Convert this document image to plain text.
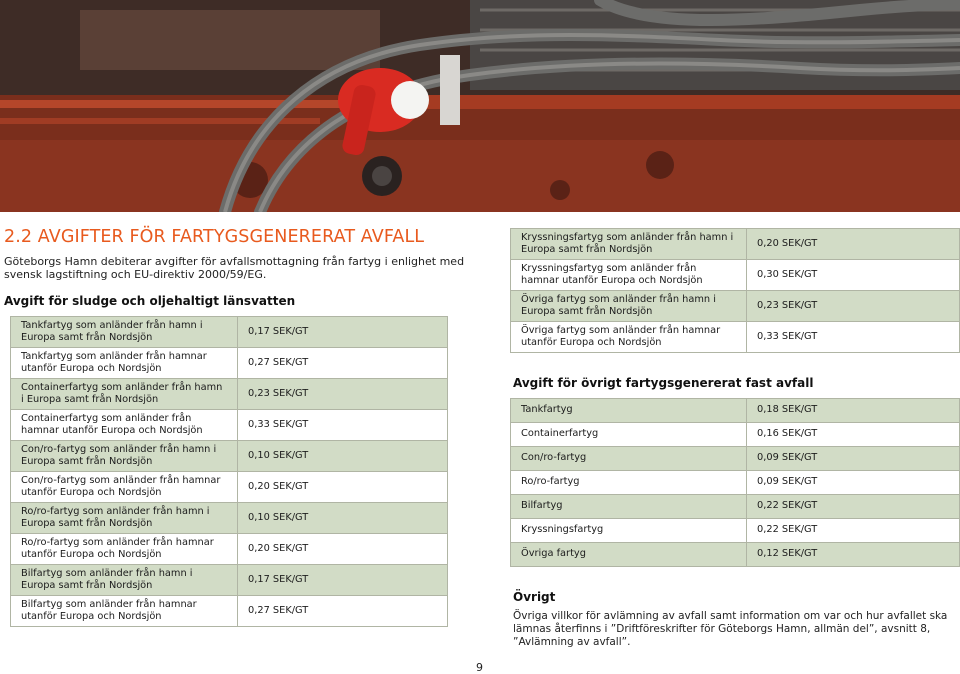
2.2 AVGIFTER FÖR FARTYGSGENERERAT AVFALL
Göteborgs Hamn debiterar avgifter för avfallsmottagning från fartyg i enlighet med svensk lagstiftning och EU-direktiv 2000/59/EG.
Avgift för sludge och oljehaltigt länsvatten
Tankfartyg som anländer från hamn i Europa samt från Nordsjön	0,17 SEK/GT
Tankfartyg som anländer från hamnar utanför Europa och Nordsjön	0,27 SEK/GT
Containerfartyg som anländer från hamn i Europa samt från Nordsjön	0,23 SEK/GT
Containerfartyg som anländer från hamnar utanför Europa och Nordsjön	0,33 SEK/GT
Con/ro-fartyg som anländer från hamn i Europa samt från Nordsjön	0,10 SEK/GT
Con/ro-fartyg som anländer från hamnar utanför Europa och Nordsjön	0,20 SEK/GT
Ro/ro-fartyg som anländer från hamn i Europa samt från Nordsjön	0,10 SEK/GT
Ro/ro-fartyg som anländer från hamnar utanför Europa och Nordsjön	0,20 SEK/GT
Bilfartyg som anländer från hamn i Europa samt från Nordsjön	0,17 SEK/GT
Bilfartyg som anländer från hamnar utanför Europa och Nordsjön	0,27 SEK/GT
Kryssningsfartyg som anländer från hamn i Europa samt från Nordsjön	0,20 SEK/GT
Kryssningsfartyg som anländer från hamnar utanför Europa och Nordsjön	0,30 SEK/GT
Övriga fartyg som anländer från hamn i Europa samt från Nordsjön	0,23 SEK/GT
Övriga fartyg som anländer från hamnar utanför Europa och Nordsjön	0,33 SEK/GT
Avgift för övrigt fartygsgenererat fast avfall
Tankfartyg	0,18 SEK/GT
Containerfartyg	0,16 SEK/GT
Con/ro-fartyg	0,09 SEK/GT
Ro/ro-fartyg	0,09 SEK/GT
Bilfartyg	0,22 SEK/GT
Kryssningsfartyg	0,22 SEK/GT
Övriga fartyg	0,12 SEK/GT
Övrigt
Övriga villkor för avlämning av avfall samt information om var och hur avfallet ska lämnas återfinns i ”Driftföreskrifter för Göteborgs Hamn, allmän del”, avsnitt 8, ”Avlämning av avfall”.
9
